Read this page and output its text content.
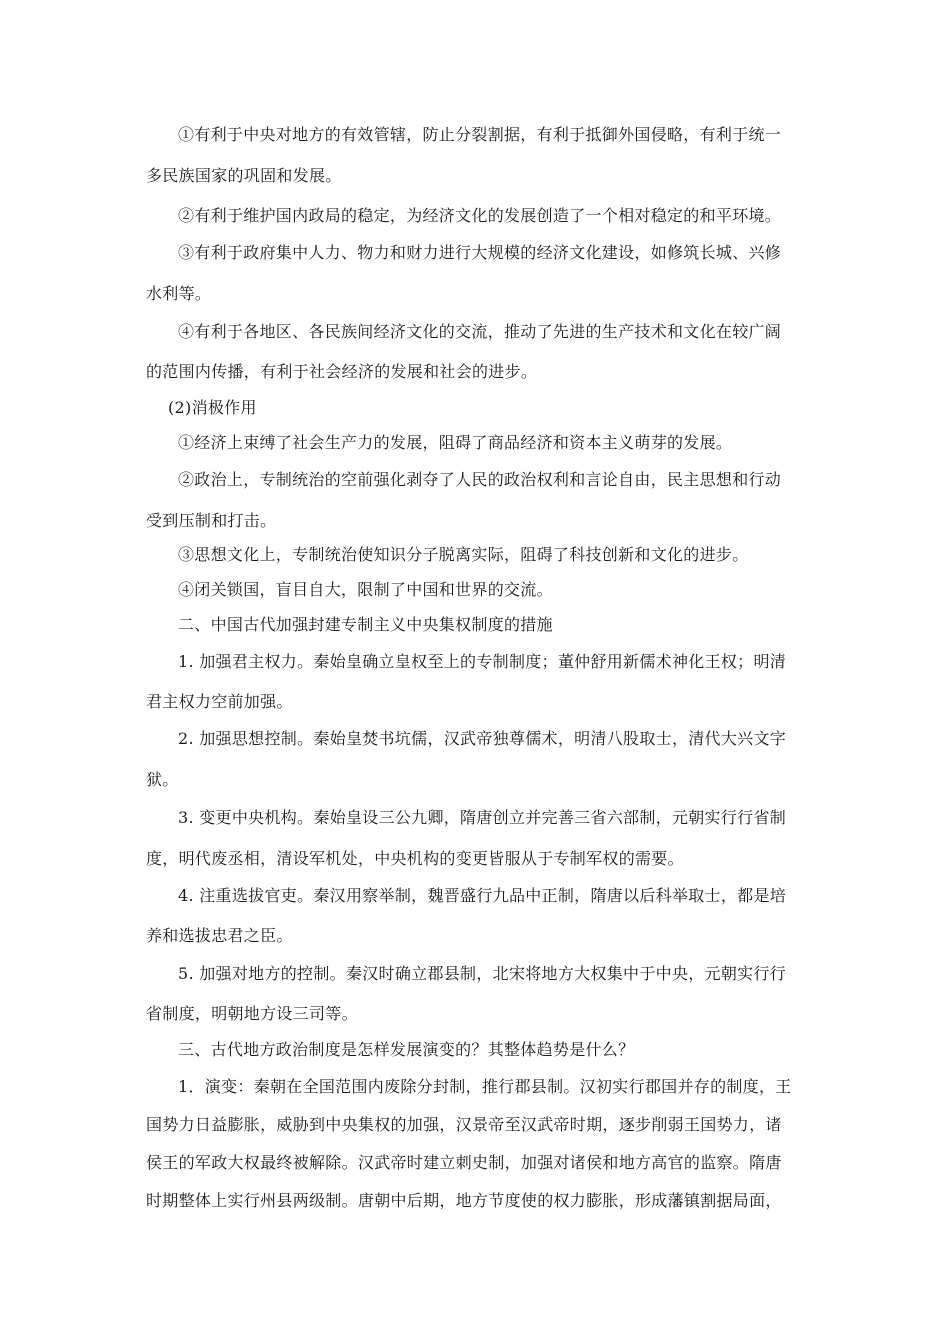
①有利于中央对地方的有效管辖，防止分裂割据，有利于抵御外国侵略，有利于统一
多民族国家的巩固和发展。
②有利于维护国内政局的稳定，为经济文化的发展创造了一个相对稳定的和平环境。
③有利于政府集中人力、物力和财力进行大规模的经济文化建设，如修筑长城、兴修
水利等。
④有利于各地区、各民族间经济文化的交流，推动了先进的生产技术和文化在较广阔
的范围内传播，有利于社会经济的发展和社会的进步。
(2)消极作用
①经济上束缚了社会生产力的发展，阻碍了商品经济和资本主义萌芽的发展。
②政治上，专制统治的空前强化剥夺了人民的政治权利和言论自由，民主思想和行动
受到压制和打击。
③思想文化上，专制统治使知识分子脱离实际，阻碍了科技创新和文化的进步。
④闭关锁国，盲目自大，限制了中国和世界的交流。
二、中国古代加强封建专制主义中央集权制度的措施
1. 加强君主权力。秦始皇确立皇权至上的专制制度；董仲舒用新儒术神化王权；明清
君主权力空前加强。
2. 加强思想控制。秦始皇焚书坑儒，汉武帝独尊儒术，明清八股取士，清代大兴文字
狱。
3. 变更中央机构。秦始皇设三公九卿，隋唐创立并完善三省六部制，元朝实行行省制
度，明代废丞相，清设军机处，中央机构的变更皆服从于专制军权的需要。
4. 注重选拔官吏。秦汉用察举制，魏晋盛行九品中正制，隋唐以后科举取士，都是培
养和选拔忠君之臣。
5. 加强对地方的控制。秦汉时确立郡县制，北宋将地方大权集中于中央，元朝实行行
省制度，明朝地方设三司等。
三、古代地方政治制度是怎样发展演变的？其整体趋势是什么？
1．演变：秦朝在全国范围内废除分封制，推行郡县制。汉初实行郡国并存的制度，王
国势力日益膨胀，威胁到中央集权的加强，汉景帝至汉武帝时期，逐步削弱王国势力，诸
侯王的军政大权最终被解除。汉武帝时建立刺史制，加强对诸侯和地方高官的监察。隋唐
时期整体上实行州县两级制。唐朝中后期，地方节度使的权力膨胀，形成藩镇割据局面，
